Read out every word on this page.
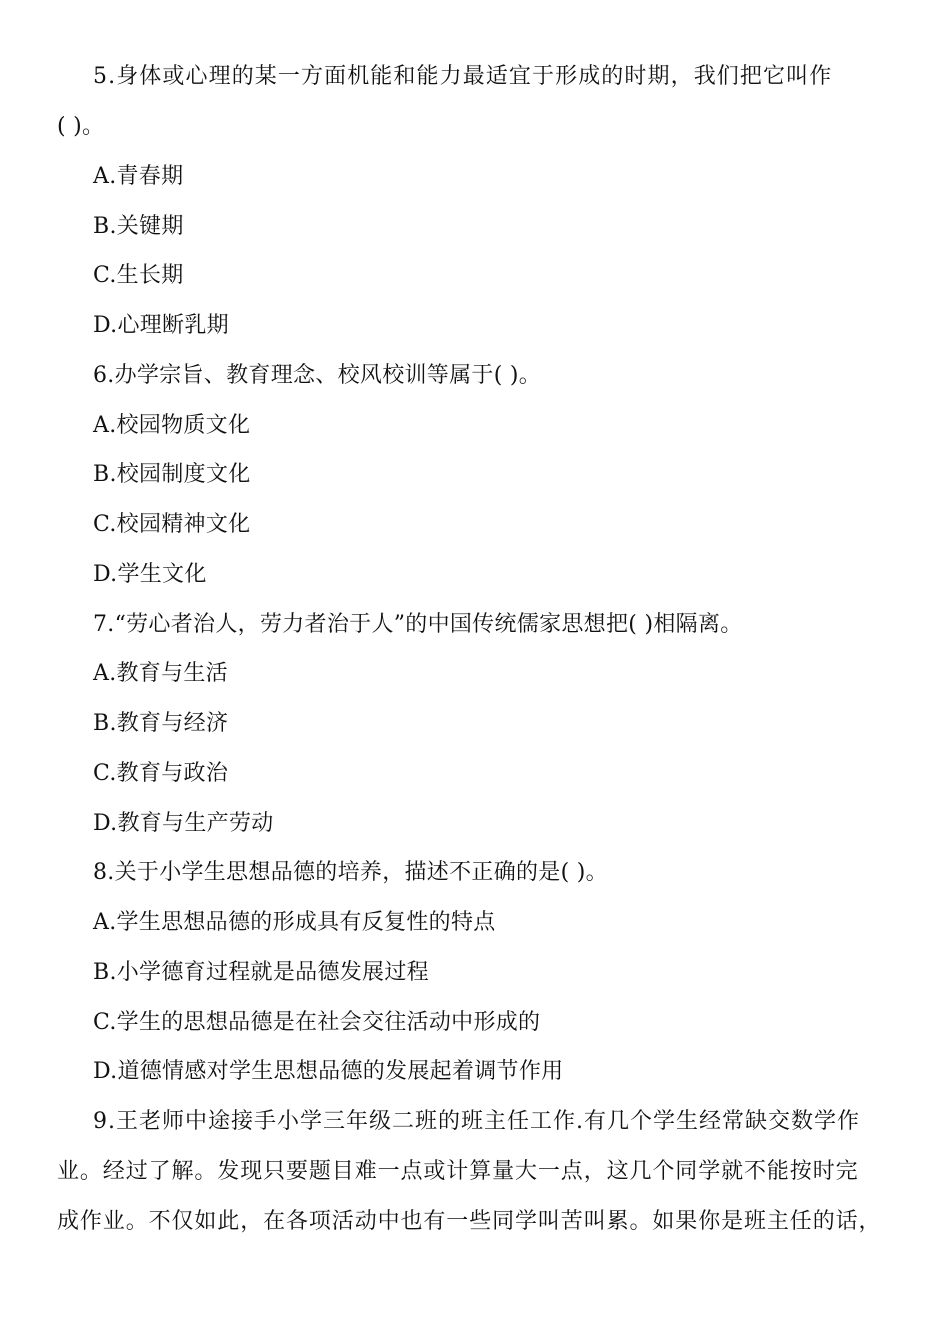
5.身体或心理的某一方面机能和能力最适宜于形成的时期，我们把它叫作
( )。
A.青春期
B.关键期
C.生长期
D.心理断乳期
6.办学宗旨、教育理念、校风校训等属于( )。
A.校园物质文化
B.校园制度文化
C.校园精神文化
D.学生文化
7.“劳心者治人，劳力者治于人”的中国传统儒家思想把( )相隔离。
A.教育与生活
B.教育与经济
C.教育与政治
D.教育与生产劳动
8.关于小学生思想品德的培养，描述不正确的是( )。
A.学生思想品德的形成具有反复性的特点
B.小学德育过程就是品德发展过程
C.学生的思想品德是在社会交往活动中形成的
D.道德情感对学生思想品德的发展起着调节作用
9.王老师中途接手小学三年级二班的班主任工作.有几个学生经常缺交数学作
业。经过了解。发现只要题目难一点或计算量大一点，这几个同学就不能按时完
成作业。不仅如此，在各项活动中也有一些同学叫苦叫累。如果你是班主任的话，
